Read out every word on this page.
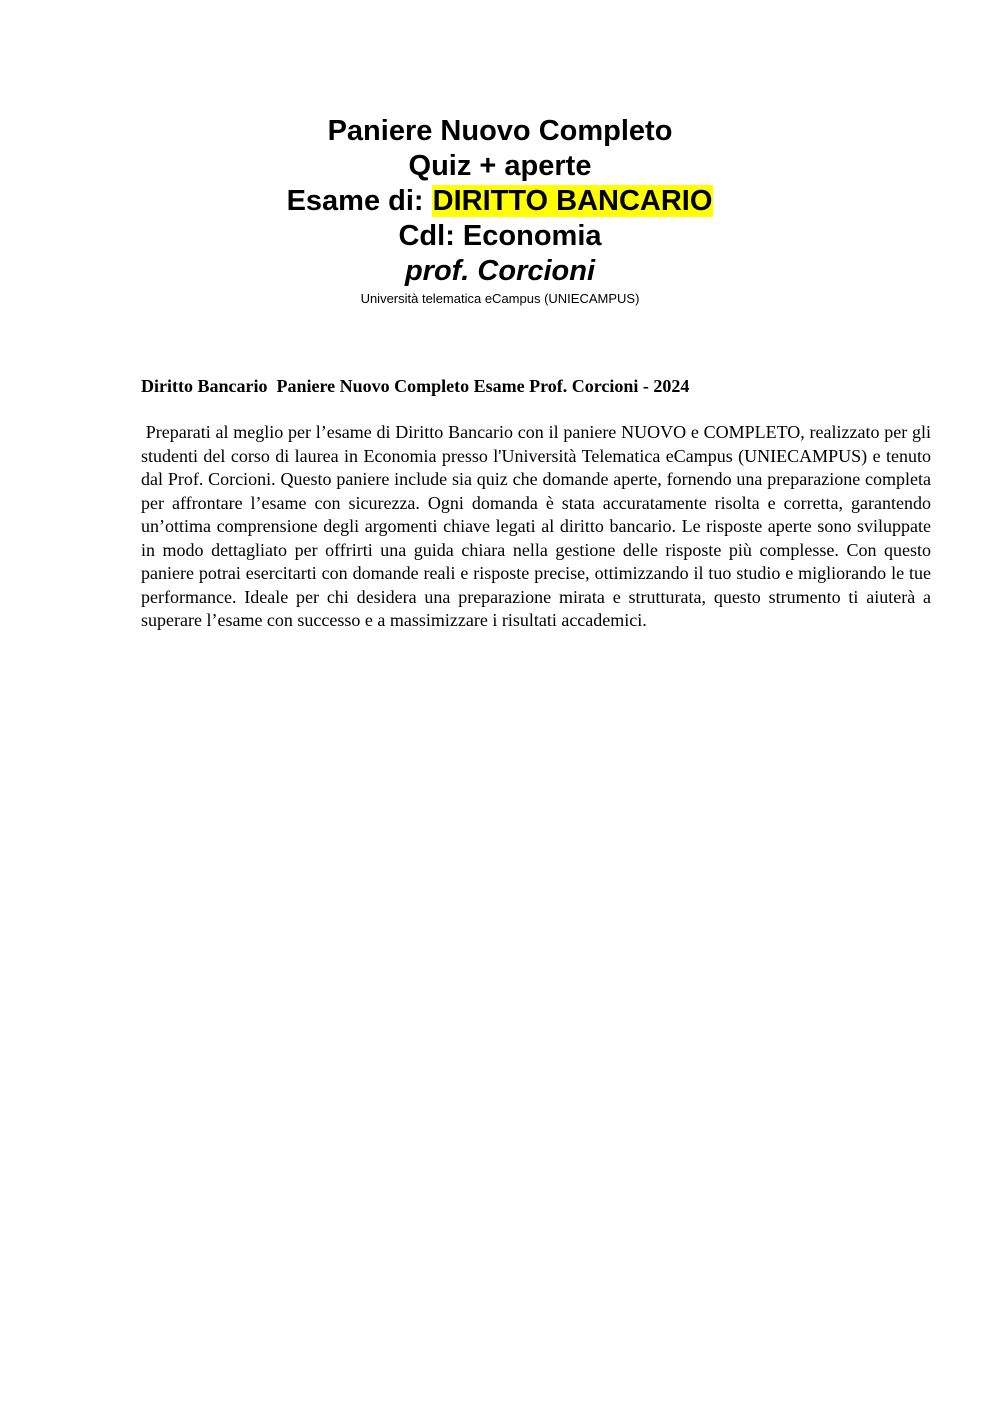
Paniere Nuovo Completo
Quiz + aperte
Esame di: DIRITTO BANCARIO
Cdl: Economia
prof. Corcioni
Università telematica eCampus (UNIECAMPUS)
Diritto Bancario  Paniere Nuovo Completo Esame Prof. Corcioni - 2024
Preparati al meglio per l’esame di Diritto Bancario con il paniere NUOVO e COMPLETO, realizzato per gli studenti del corso di laurea in Economia presso l'Università Telematica eCampus (UNIECAMPUS) e tenuto dal Prof. Corcioni. Questo paniere include sia quiz che domande aperte, fornendo una preparazione completa per affrontare l’esame con sicurezza. Ogni domanda è stata accuratamente risolta e corretta, garantendo un’ottima comprensione degli argomenti chiave legati al diritto bancario. Le risposte aperte sono sviluppate in modo dettagliato per offrirti una guida chiara nella gestione delle risposte più complesse. Con questo paniere potrai esercitarti con domande reali e risposte precise, ottimizzando il tuo studio e migliorando le tue performance. Ideale per chi desidera una preparazione mirata e strutturata, questo strumento ti aiuterà a superare l’esame con successo e a massimizzare i risultati accademici.
